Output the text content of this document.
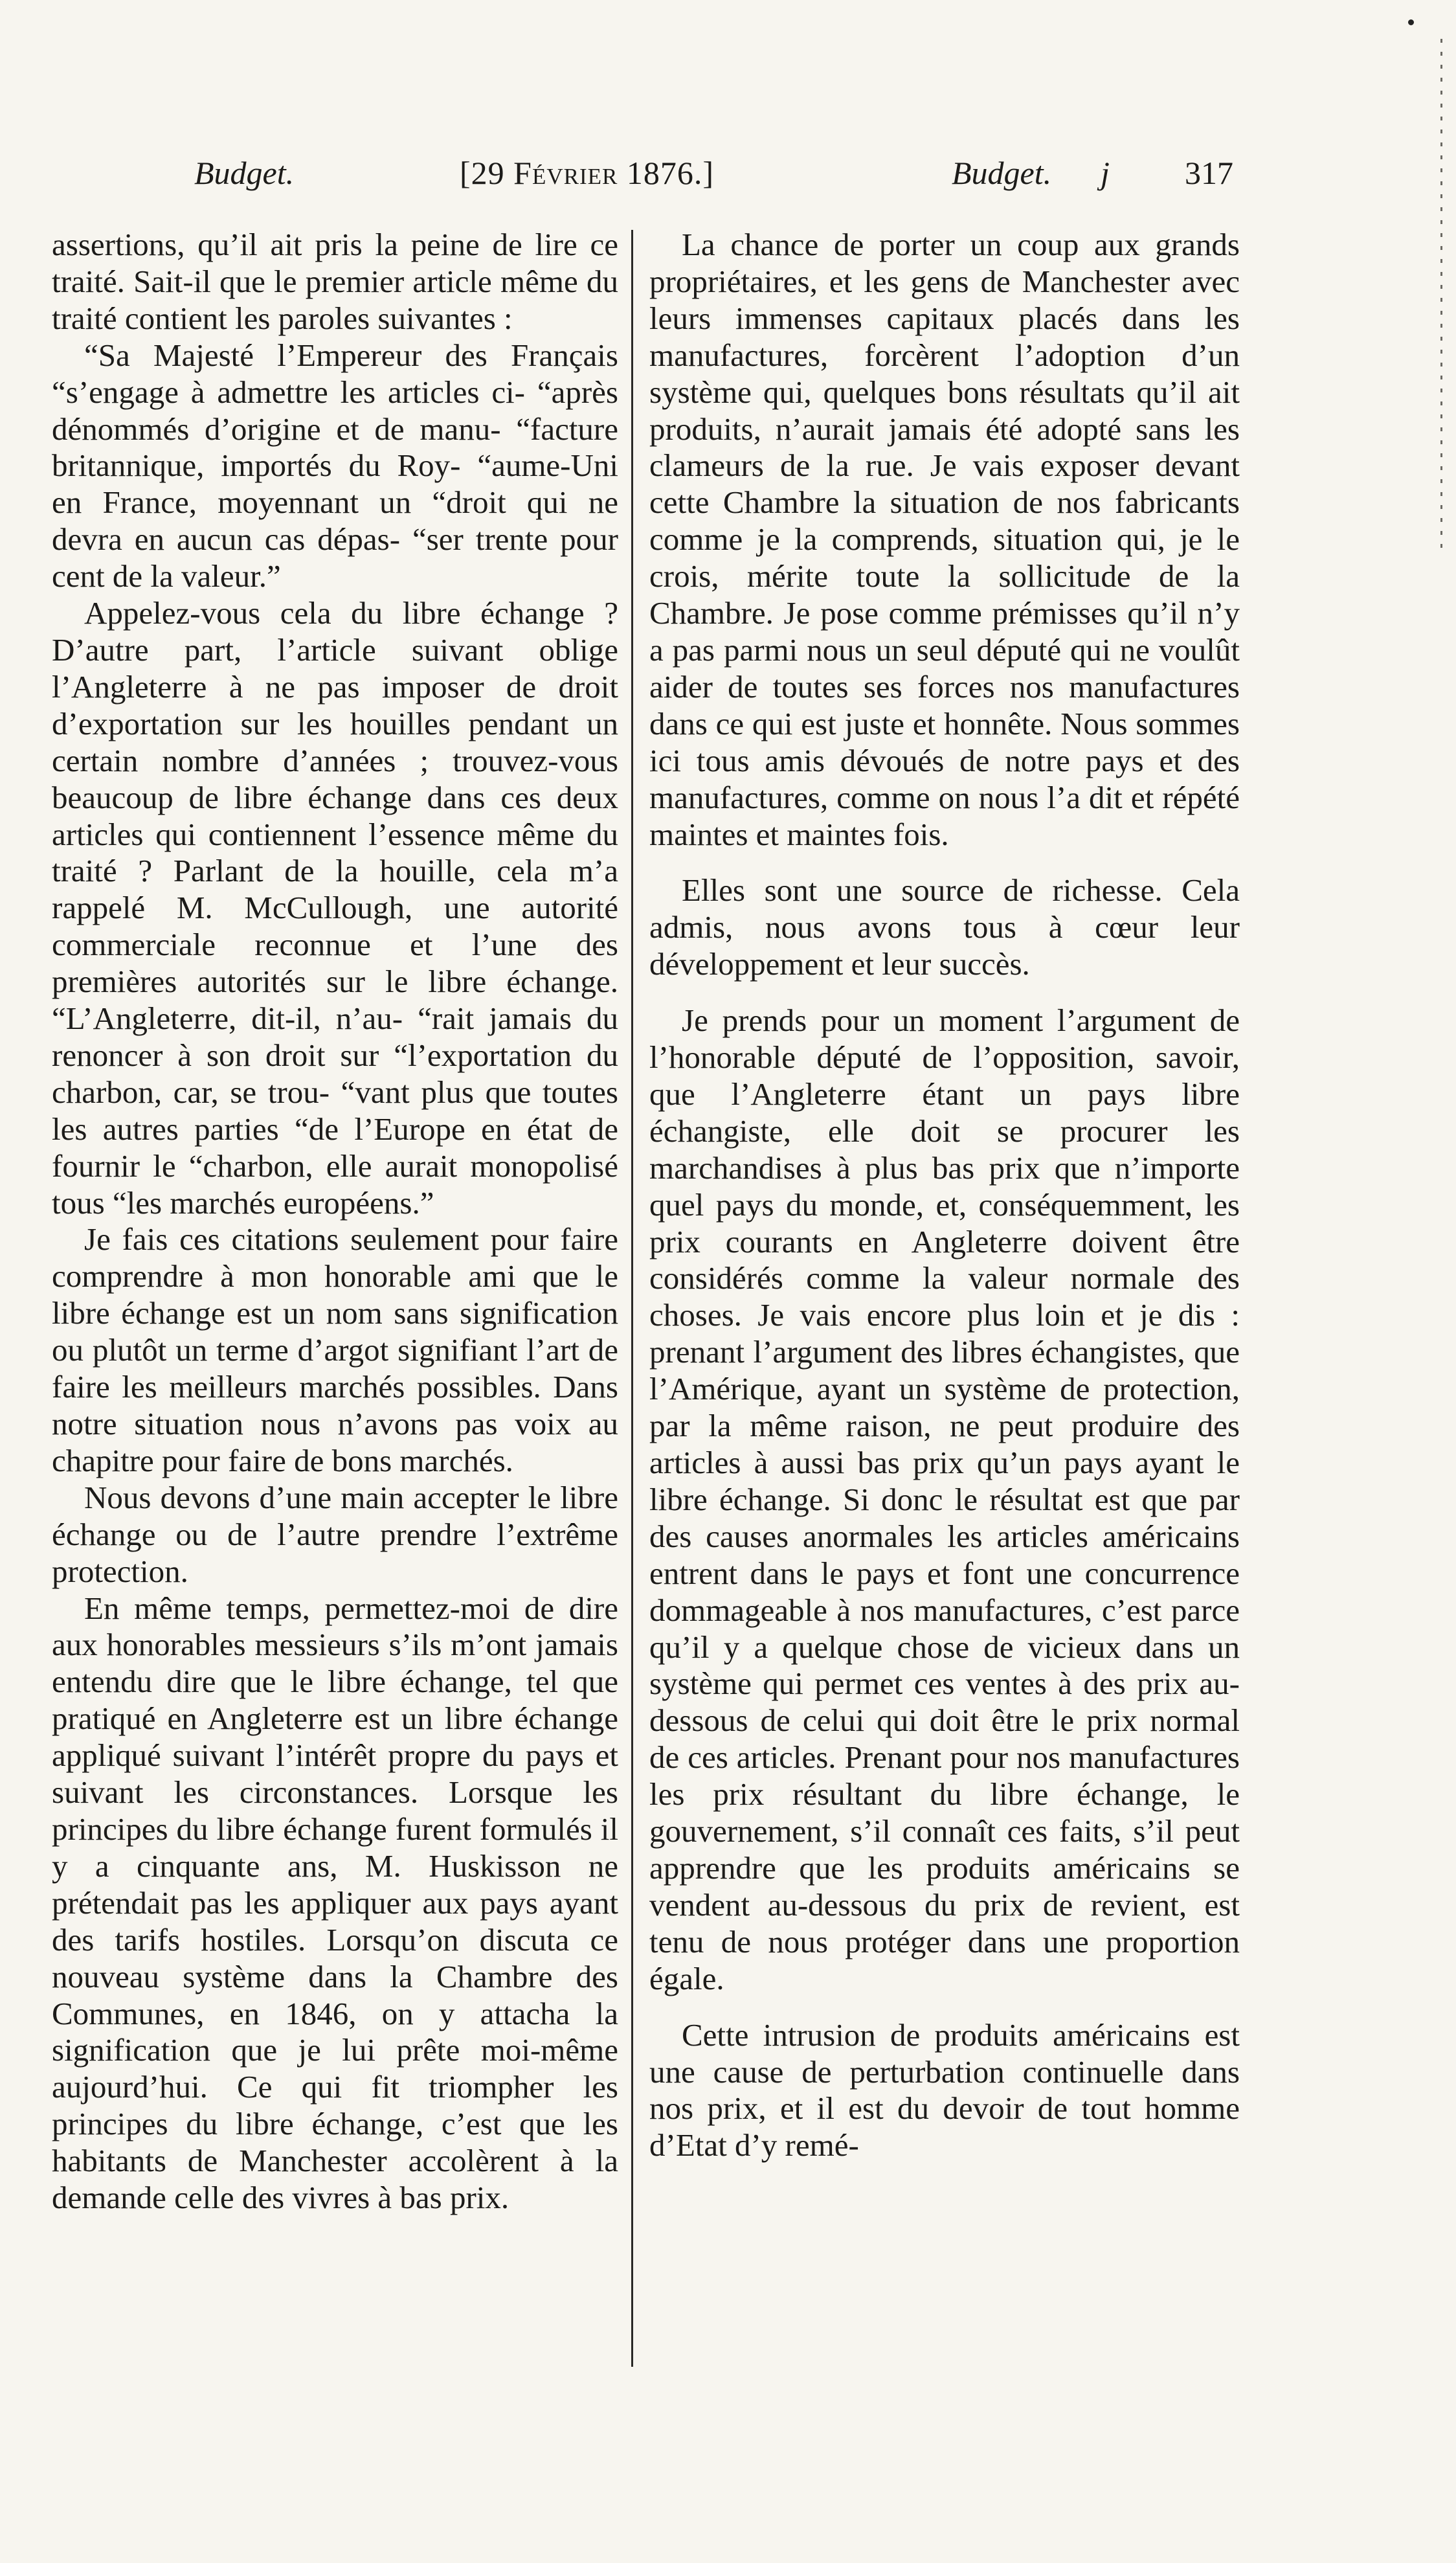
Budget.	[29 Février 1876.]	Budget. j 317

assertions, qu’il ait pris la peine de lire ce traité. Sait-il que le premier article même du traité contient les paroles suivantes :

“Sa Majesté l’Empereur des Français “s’engage à admettre les articles ci- “après dénommés d’origine et de manu- “facture britannique, importés du Roy- “aume-Uni en France, moyennant un “droit qui ne devra en aucun cas dépas- “ser trente pour cent de la valeur.”

Appelez-vous cela du libre échange ? D’autre part, l’article suivant oblige l’Angleterre à ne pas imposer de droit d’exportation sur les houilles pendant un certain nombre d’années ; trouvez-vous beaucoup de libre échange dans ces deux articles qui contiennent l’essence même du traité ? Parlant de la houille, cela m’a rappelé M. McCullough, une autorité commerciale reconnue et l’une des premières autorités sur le libre échange. “L’Angleterre, dit-il, n’au- “rait jamais du renoncer à son droit sur “l’exportation du charbon, car, se trou- “vant plus que toutes les autres parties “de l’Europe en état de fournir le “charbon, elle aurait monopolisé tous “les marchés européens.”

Je fais ces citations seulement pour faire comprendre à mon honorable ami que le libre échange est un nom sans signification ou plutôt un terme d’argot signifiant l’art de faire les meilleurs marchés possibles. Dans notre situation nous n’avons pas voix au chapitre pour faire de bons marchés.

Nous devons d’une main accepter le libre échange ou de l’autre prendre l’extrême protection.

En même temps, permettez-moi de dire aux honorables messieurs s’ils m’ont jamais entendu dire que le libre échange, tel que pratiqué en Angleterre est un libre échange appliqué suivant l’intérêt propre du pays et suivant les circonstances. Lorsque les principes du libre échange furent formulés il y a cinquante ans, M. Huskisson ne prétendait pas les appliquer aux pays ayant des tarifs hostiles. Lorsqu’on discuta ce nouveau système dans la Chambre des Communes, en 1846, on y attacha la signification que je lui prête moi-même aujourd’hui. Ce qui fit triompher les principes du libre échange, c’est que les habitants de Manchester accolèrent à la demande celle des vivres à bas prix.

La chance de porter un coup aux grands propriétaires, et les gens de Manchester avec leurs immenses capitaux placés dans les manufactures, forcèrent l’adoption d’un système qui, quelques bons résultats qu’il ait produits, n’aurait jamais été adopté sans les clameurs de la rue. Je vais exposer devant cette Chambre la situation de nos fabricants comme je la comprends, situation qui, je le crois, mérite toute la sollicitude de la Chambre. Je pose comme prémisses qu’il n’y a pas parmi nous un seul député qui ne voulût aider de toutes ses forces nos manufactures dans ce qui est juste et honnête. Nous sommes ici tous amis dévoués de notre pays et des manufactures, comme on nous l’a dit et répété maintes et maintes fois.

Elles sont une source de richesse. Cela admis, nous avons tous à cœur leur développement et leur succès.

Je prends pour un moment l’argument de l’honorable député de l’opposition, savoir, que l’Angleterre étant un pays libre échangiste, elle doit se procurer les marchandises à plus bas prix que n’importe quel pays du monde, et, conséquemment, les prix courants en Angleterre doivent être considérés comme la valeur normale des choses. Je vais encore plus loin et je dis : prenant l’argument des libres échangistes, que l’Amérique, ayant un système de protection, par la même raison, ne peut produire des articles à aussi bas prix qu’un pays ayant le libre échange. Si donc le résultat est que par des causes anormales les articles américains entrent dans le pays et font une concurrence dommageable à nos manufactures, c’est parce qu’il y a quelque chose de vicieux dans un système qui permet ces ventes à des prix au-dessous de celui qui doit être le prix normal de ces articles. Prenant pour nos manufactures les prix résultant du libre échange, le gouvernement, s’il connaît ces faits, s’il peut apprendre que les produits américains se vendent au-dessous du prix de revient, est tenu de nous protéger dans une proportion égale.

Cette intrusion de produits américains est une cause de perturbation continuelle dans nos prix, et il est du devoir de tout homme d’Etat d’y remé-
